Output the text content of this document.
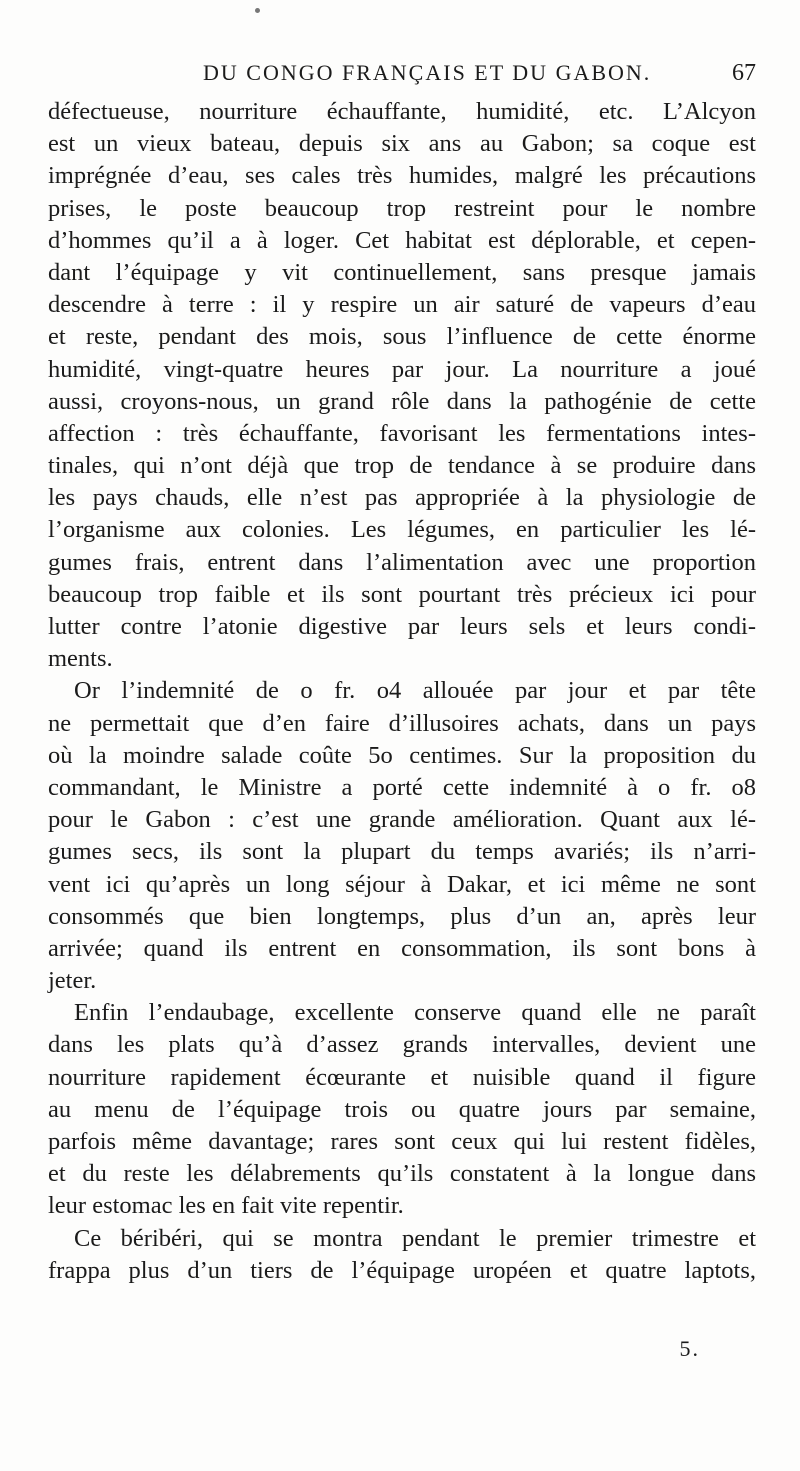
DU CONGO FRANÇAIS ET DU GABON.	67

défectueuse, nourriture échauffante, humidité, etc. L’Alcyon
est un vieux bateau, depuis six ans au Gabon; sa coque est
imprégnée d’eau, ses cales très humides, malgré les précautions
prises, le poste beaucoup trop restreint pour le nombre
d’hommes qu’il a à loger. Cet habitat est déplorable, et cepen-
dant l’équipage y vit continuellement, sans presque jamais
descendre à terre : il y respire un air saturé de vapeurs d’eau
et reste, pendant des mois, sous l’influence de cette énorme
humidité, vingt-quatre heures par jour. La nourriture a joué
aussi, croyons-nous, un grand rôle dans la pathogénie de cette
affection : très échauffante, favorisant les fermentations intes-
tinales, qui n’ont déjà que trop de tendance à se produire dans
les pays chauds, elle n’est pas appropriée à la physiologie de
l’organisme aux colonies. Les légumes, en particulier les lé-
gumes frais, entrent dans l’alimentation avec une proportion
beaucoup trop faible et ils sont pourtant très précieux ici pour
lutter contre l’atonie digestive par leurs sels et leurs condi-
ments.

Or l’indemnité de o fr. o4 allouée par jour et par tête
ne permettait que d’en faire d’illusoires achats, dans un pays
où la moindre salade coûte 5o centimes. Sur la proposition du
commandant, le Ministre a porté cette indemnité à o fr. o8
pour le Gabon : c’est une grande amélioration. Quant aux lé-
gumes secs, ils sont la plupart du temps avariés; ils n’arri-
vent ici qu’après un long séjour à Dakar, et ici même ne sont
consommés que bien longtemps, plus d’un an, après leur
arrivée; quand ils entrent en consommation, ils sont bons à
jeter.

Enfin l’endaubage, excellente conserve quand elle ne paraît
dans les plats qu’à d’assez grands intervalles, devient une
nourriture rapidement écœurante et nuisible quand il figure
au menu de l’équipage trois ou quatre jours par semaine,
parfois même davantage; rares sont ceux qui lui restent fidèles,
et du reste les délabrements qu’ils constatent à la longue dans
leur estomac les en fait vite repentir.

Ce béribéri, qui se montra pendant le premier trimestre et
frappa plus d’un tiers de l’équipage uropéen et quatre laptots,

5.
